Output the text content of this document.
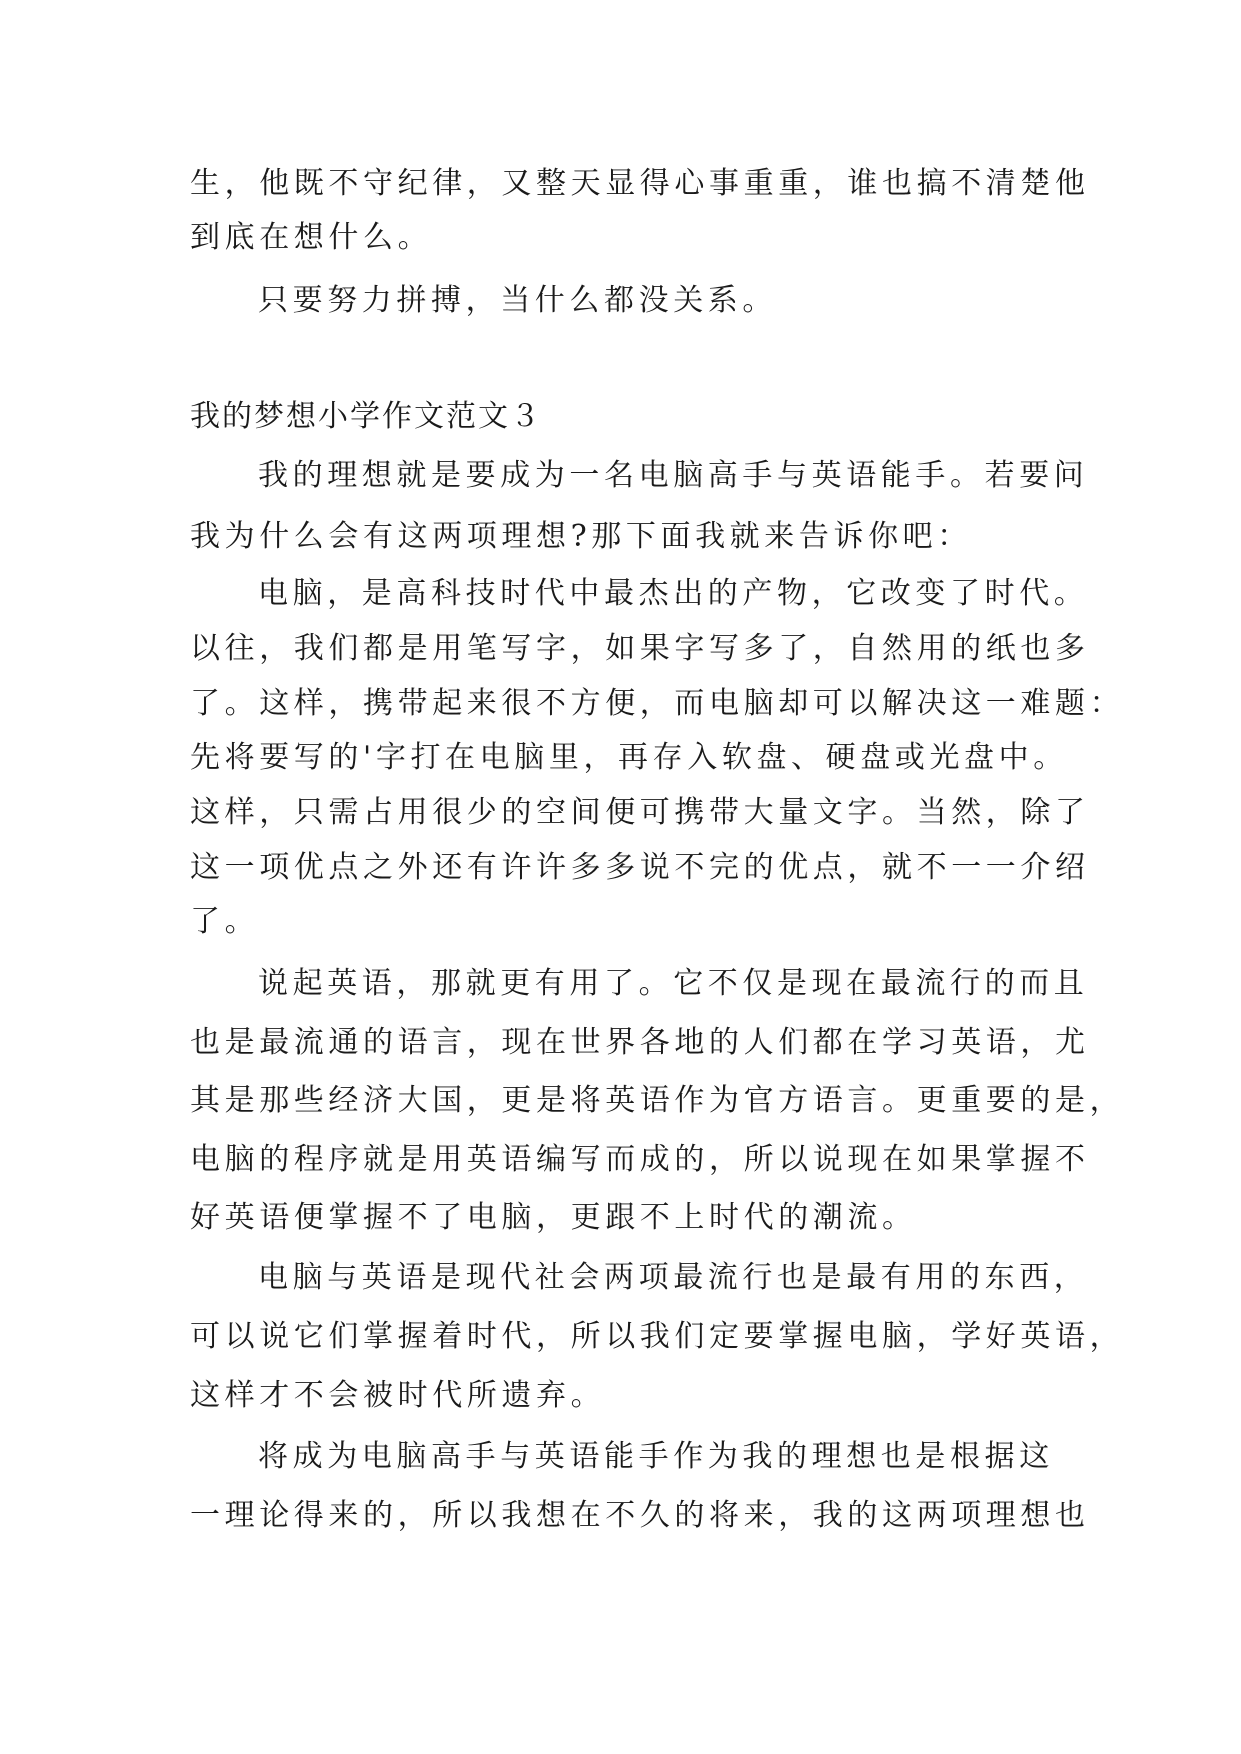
生，他既不守纪律，又整天显得心事重重，谁也搞不清楚他
到底在想什么。
只要努力拼搏，当什么都没关系。
我的梦想小学作文范文３
我的理想就是要成为一名电脑高手与英语能手。若要问
我为什么会有这两项理想?那下面我就来告诉你吧：
电脑，是高科技时代中最杰出的产物，它改变了时代。
以往，我们都是用笔写字，如果字写多了，自然用的纸也多
了。这样，携带起来很不方便，而电脑却可以解决这一难题：
先将要写的'字打在电脑里，再存入软盘、硬盘或光盘中。
这样，只需占用很少的空间便可携带大量文字。当然，除了
这一项优点之外还有许许多多说不完的优点，就不一一介绍
了。
说起英语，那就更有用了。它不仅是现在最流行的而且
也是最流通的语言，现在世界各地的人们都在学习英语，尤
其是那些经济大国，更是将英语作为官方语言。更重要的是，
电脑的程序就是用英语编写而成的，所以说现在如果掌握不
好英语便掌握不了电脑，更跟不上时代的潮流。
电脑与英语是现代社会两项最流行也是最有用的东西，
可以说它们掌握着时代，所以我们定要掌握电脑，学好英语，
这样才不会被时代所遗弃。
将成为电脑高手与英语能手作为我的理想也是根据这
一理论得来的，所以我想在不久的将来，我的这两项理想也
